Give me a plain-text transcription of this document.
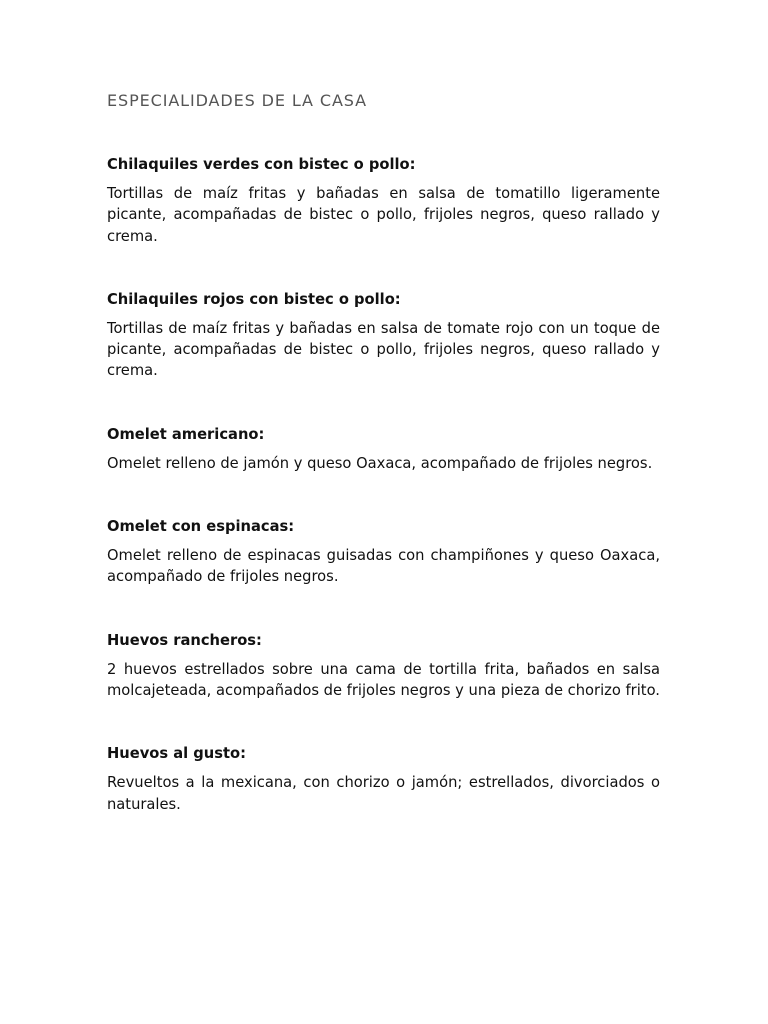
ESPECIALIDADES DE LA CASA

Chilaquiles verdes con bistec o pollo:

Tortillas de maíz fritas y bañadas en salsa de tomatillo ligeramente picante, acompañadas de bistec o pollo, frijoles negros, queso rallado y crema.

Chilaquiles rojos con bistec o pollo:

Tortillas de maíz fritas y bañadas en salsa de tomate rojo con un toque de picante, acompañadas de bistec o pollo, frijoles negros, queso rallado y crema.

Omelet americano:

Omelet relleno de jamón y queso Oaxaca, acompañado de frijoles negros.

Omelet con espinacas:

Omelet relleno de espinacas guisadas con champiñones y queso Oaxaca, acompañado de frijoles negros.

Huevos rancheros:

2 huevos estrellados sobre una cama de tortilla frita, bañados en salsa molcajeteada, acompañados de frijoles negros y una pieza de chorizo frito.

Huevos al gusto:

Revueltos a la mexicana, con chorizo o jamón; estrellados, divorciados o naturales.
